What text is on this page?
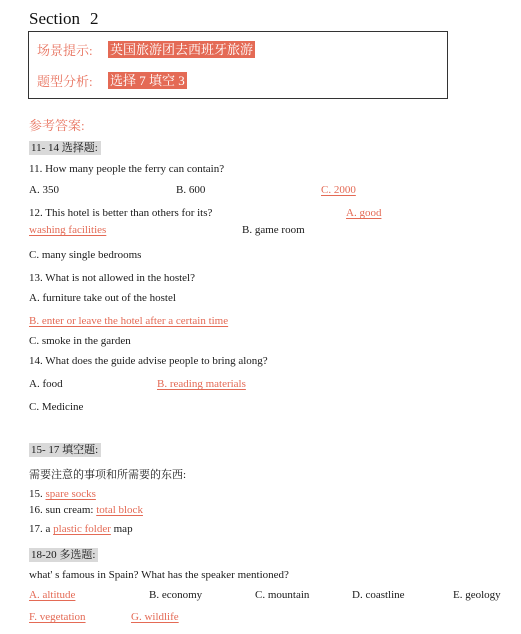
Section 2
场景提示: 英国旅游团去西班牙旅游
题型分析: 选择 7 填空 3
参考答案:
11- 14 选择题:
11. How many people the ferry can contain?
A. 350	B. 600	C. 2000
12. This hotel is better than others for its?	A. good
washing facilities	B. game room
C. many single bedrooms
13. What is not allowed in the hostel?
A. furniture take out of the hostel
B. enter or leave the hotel after a certain time
C. smoke in the garden
14. What does the guide advise people to bring along?
A. food	B. reading materials
C. Medicine
15- 17 填空题:
需要注意的事项和所需要的东西:
15. spare socks
16. sun cream: total block
17. a plastic folder map
18-20 多选题:
what' s famous in Spain? What has the speaker mentioned?
A. altitude	B. economy	C. mountain	D. coastline	E. geology
F. vegetation	G. wildlife
